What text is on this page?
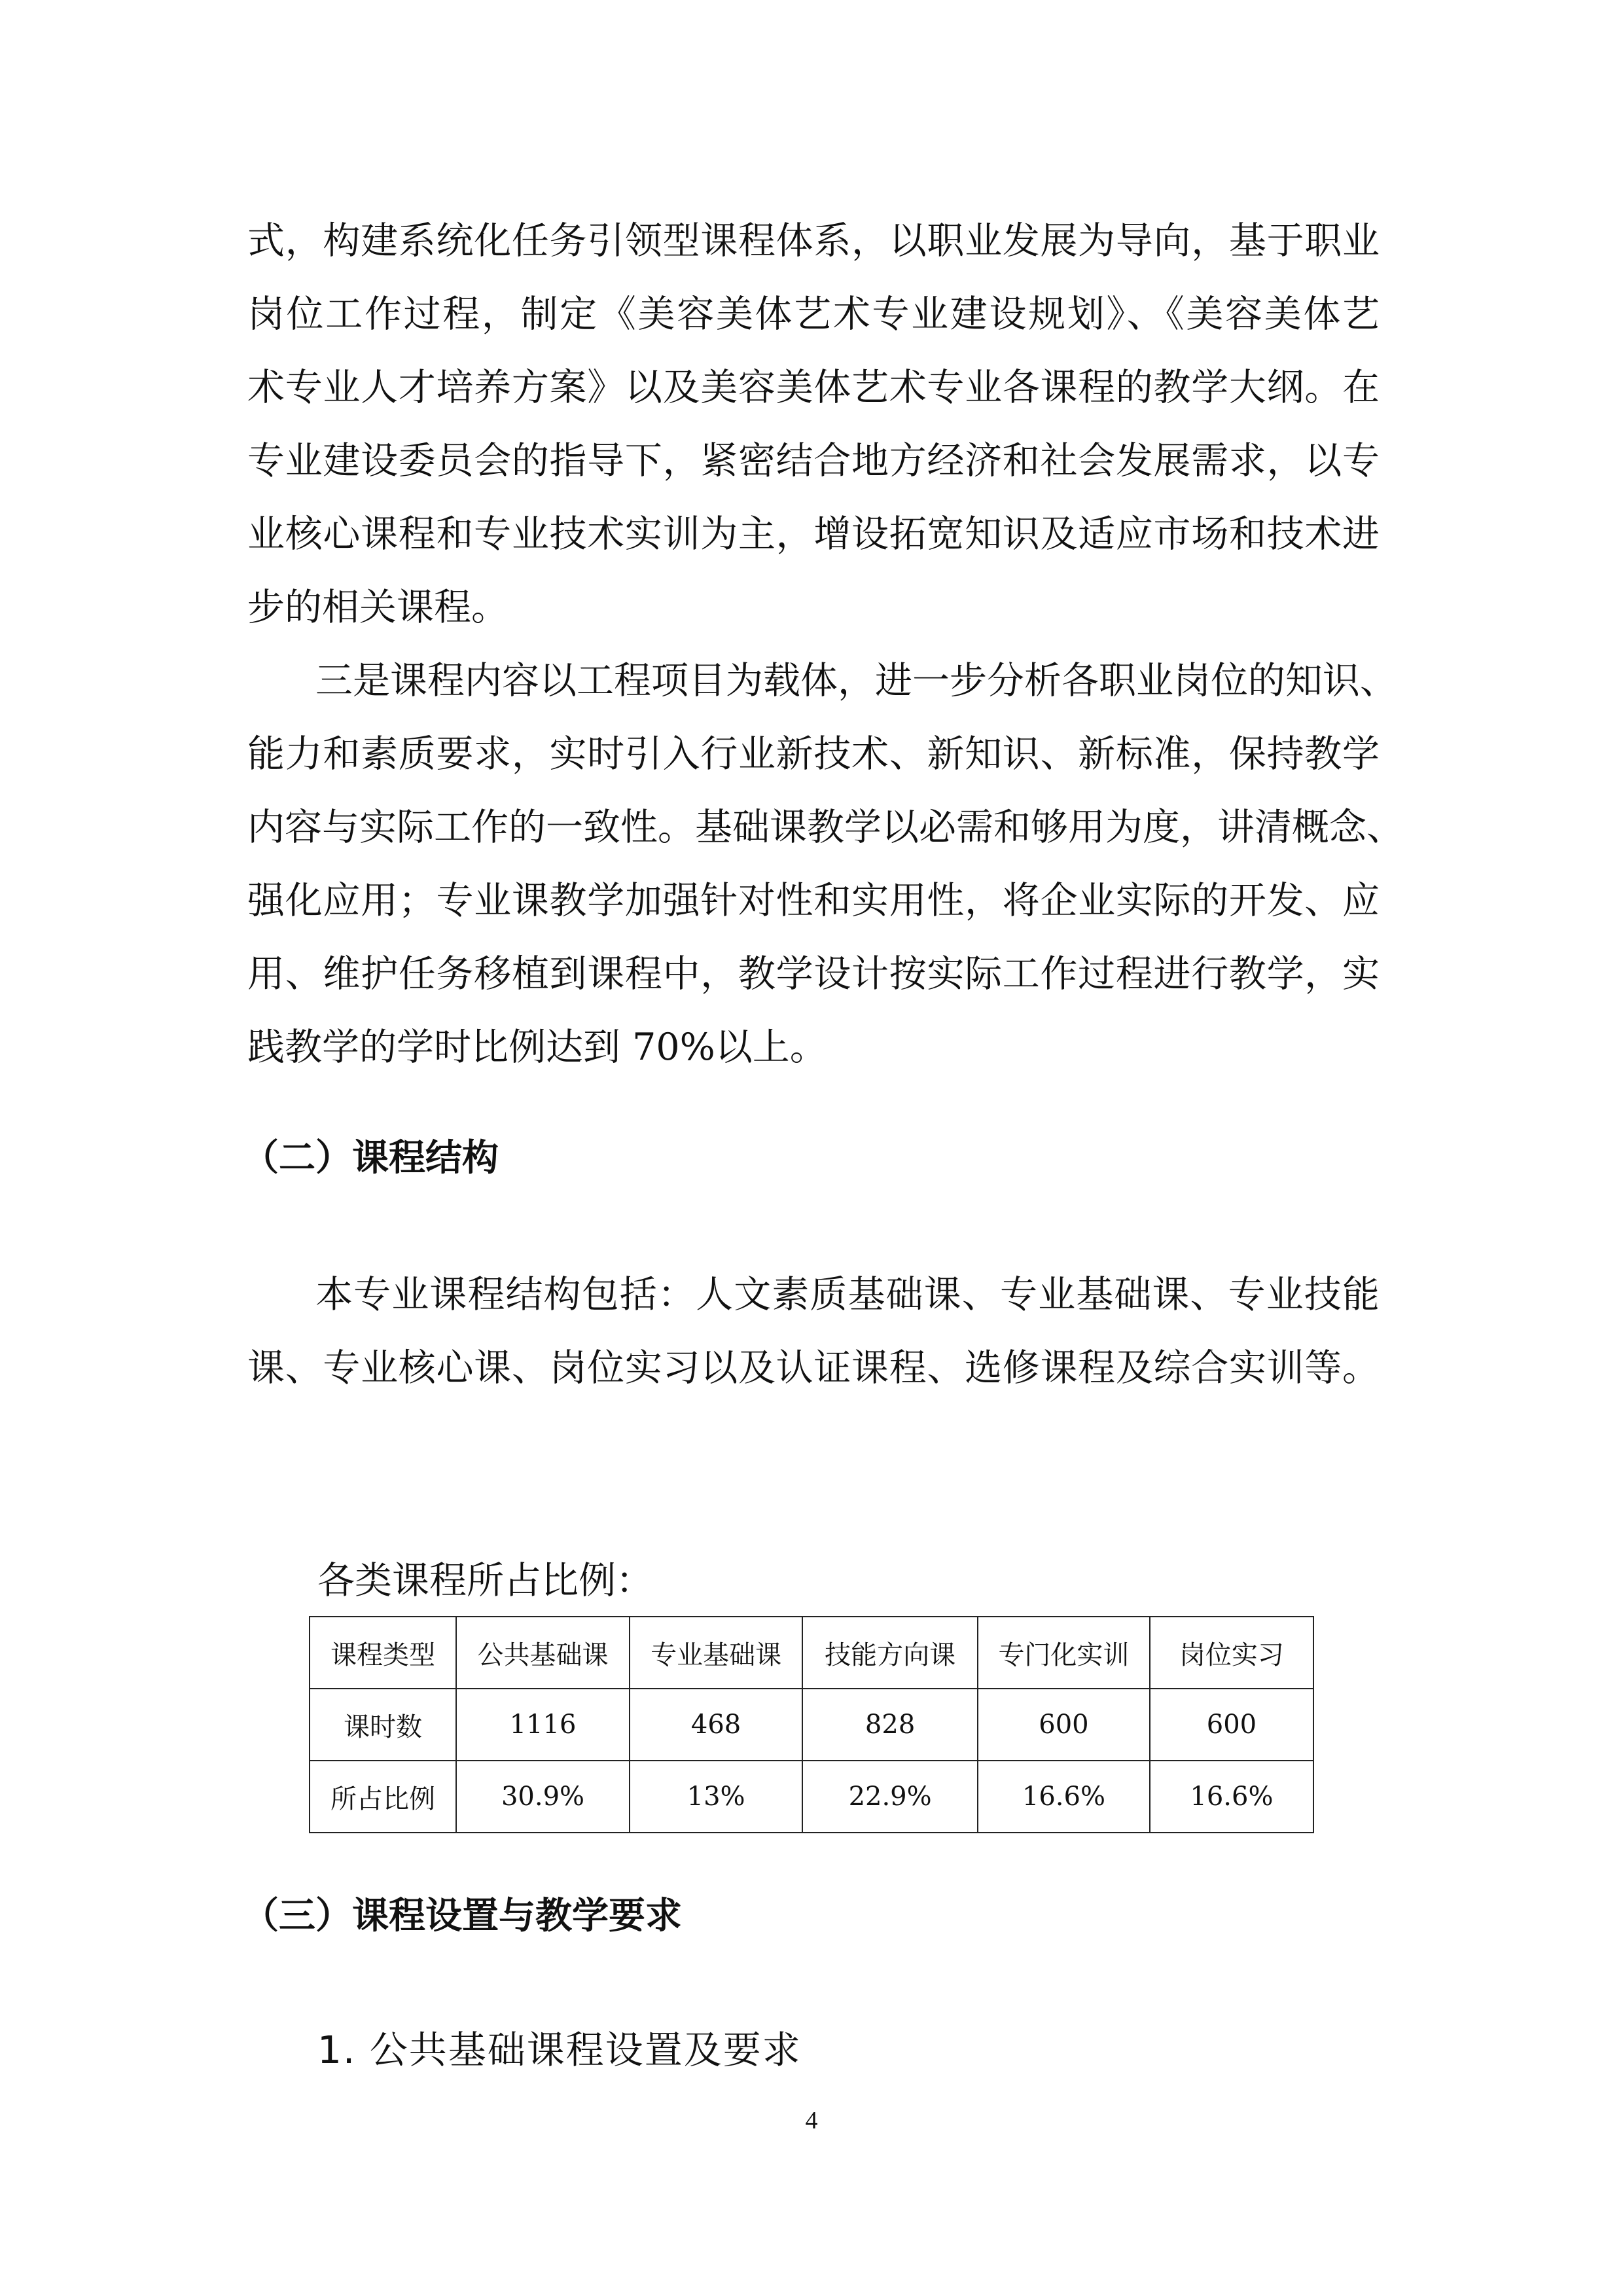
式，构建系统化任务引领型课程体系，以职业发展为导向，基于职业
岗位工作过程，制定《美容美体艺术专业建设规划》、《美容美体艺
术专业人才培养方案》以及美容美体艺术专业各课程的教学大纲。在
专业建设委员会的指导下，紧密结合地方经济和社会发展需求，以专
业核心课程和专业技术实训为主，增设拓宽知识及适应市场和技术进
步的相关课程。
三是课程内容以工程项目为载体，进一步分析各职业岗位的知识、
能力和素质要求，实时引入行业新技术、新知识、新标准，保持教学
内容与实际工作的一致性。基础课教学以必需和够用为度，讲清概念、
强化应用；专业课教学加强针对性和实用性，将企业实际的开发、应
用、维护任务移植到课程中，教学设计按实际工作过程进行教学，实
践教学的学时比例达到 70%以上。
（二）课程结构
本专业课程结构包括：人文素质基础课、专业基础课、专业技能
课、专业核心课、岗位实习以及认证课程、选修课程及综合实训等。
各类课程所占比例：
课程类型	公共基础课	专业基础课	技能方向课	专门化实训	岗位实习
课时数	1116	468	828	600	600
所占比例	30.9%	13%	22.9%	16.6%	16.6%
（三）课程设置与教学要求
1. 公共基础课程设置及要求
4
